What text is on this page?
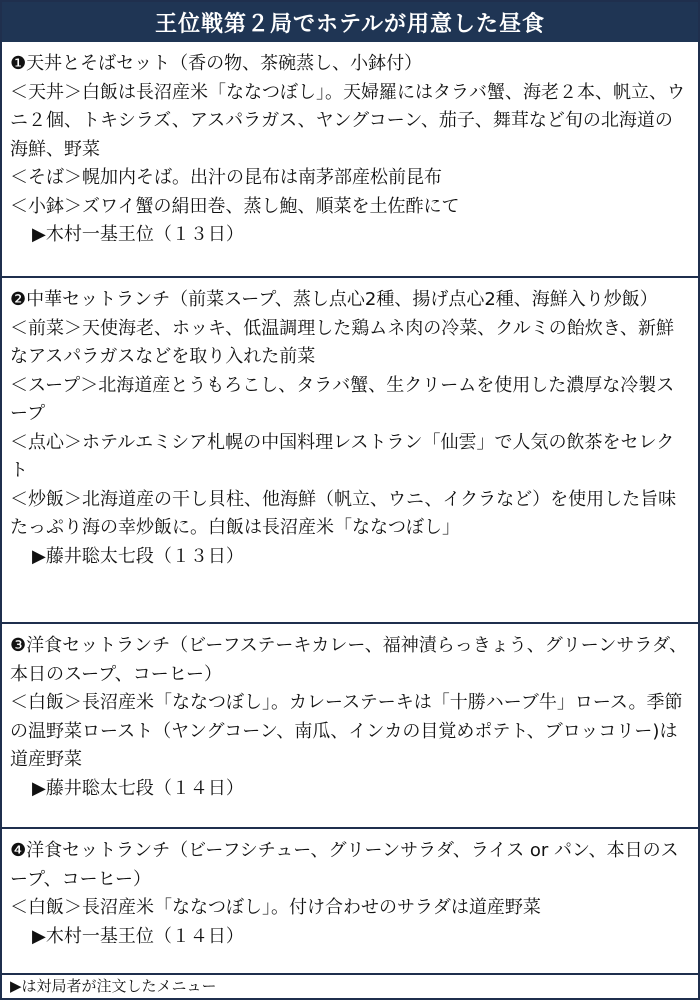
王位戦第２局でホテルが用意した昼食

❶天丼とそばセット（香の物、茶碗蒸し、小鉢付）

＜天丼＞白飯は長沼産米「ななつぼし」。天婦羅にはタラバ蟹、海老２本、帆立、ウニ２個、トキシラズ、アスパラガス、ヤングコーン、茄子、舞茸など旬の北海道の海鮮、野菜

＜そば＞幌加内そば。出汁の昆布は南茅部産松前昆布

＜小鉢＞ズワイ蟹の絹田巻、蒸し鮑、順菜を土佐酢にて

▶木村一基王位（１３日）

❷中華セットランチ（前菜スープ、蒸し点心2種、揚げ点心2種、海鮮入り炒飯）

＜前菜＞天使海老、ホッキ、低温調理した鶏ムネ肉の冷菜、クルミの飴炊き、新鮮なアスパラガスなどを取り入れた前菜

＜スープ＞北海道産とうもろこし、タラバ蟹、生クリームを使用した濃厚な冷製スープ

＜点心＞ホテルエミシア札幌の中国料理レストラン「仙雲」で人気の飲茶をセレクト

＜炒飯＞北海道産の干し貝柱、他海鮮（帆立、ウニ、イクラなど）を使用した旨味たっぷり海の幸炒飯に。白飯は長沼産米「ななつぼし」

▶藤井聡太七段（１３日）

❸洋食セットランチ（ビーフステーキカレー、福神漬らっきょう、グリーンサラダ、本日のスープ、コーヒー）

＜白飯＞長沼産米「ななつぼし」。カレーステーキは「十勝ハーブ牛」ロース。季節の温野菜ロースト（ヤングコーン、南瓜、インカの目覚めポテト、ブロッコリー)は道産野菜

▶藤井聡太七段（１４日）

❹洋食セットランチ（ビーフシチュー、グリーンサラダ、ライス or パン、本日のスープ、コーヒー）

＜白飯＞長沼産米「ななつぼし」。付け合わせのサラダは道産野菜

▶木村一基王位（１４日）

▶は対局者が注文したメニュー
